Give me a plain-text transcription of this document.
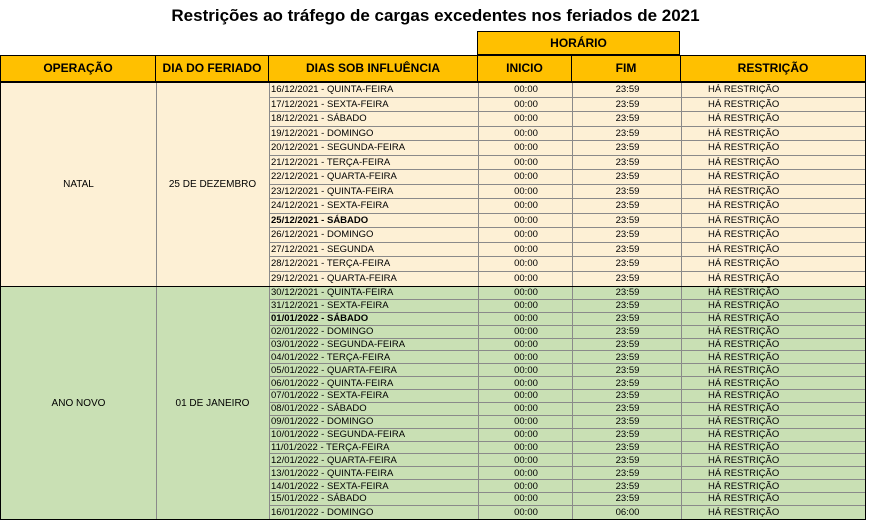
Restrições ao tráfego de cargas excedentes nos feriados de 2021
HORÁRIO
OPERAÇÃO	DIA DO FERIADO	DIAS SOB INFLUÊNCIA	INICIO	FIM	RESTRIÇÃO
NATAL	25 DE DEZEMBRO
16/12/2021 - QUINTA-FEIRA	00:00	23:59	HÁ RESTRIÇÃO
17/12/2021 - SEXTA-FEIRA	00:00	23:59	HÁ RESTRIÇÃO
18/12/2021 - SÁBADO	00:00	23:59	HÁ RESTRIÇÃO
19/12/2021 - DOMINGO	00:00	23:59	HÁ RESTRIÇÃO
20/12/2021 - SEGUNDA-FEIRA	00:00	23:59	HÁ RESTRIÇÃO
21/12/2021 - TERÇA-FEIRA	00:00	23:59	HÁ RESTRIÇÃO
22/12/2021 - QUARTA-FEIRA	00:00	23:59	HÁ RESTRIÇÃO
23/12/2021 - QUINTA-FEIRA	00:00	23:59	HÁ RESTRIÇÃO
24/12/2021 - SEXTA-FEIRA	00:00	23:59	HÁ RESTRIÇÃO
25/12/2021 - SÁBADO	00:00	23:59	HÁ RESTRIÇÃO
26/12/2021 - DOMINGO	00:00	23:59	HÁ RESTRIÇÃO
27/12/2021 - SEGUNDA	00:00	23:59	HÁ RESTRIÇÃO
28/12/2021 - TERÇA-FEIRA	00:00	23:59	HÁ RESTRIÇÃO
29/12/2021 - QUARTA-FEIRA	00:00	23:59	HÁ RESTRIÇÃO
ANO NOVO	01 DE JANEIRO
30/12/2021 - QUINTA-FEIRA	00:00	23:59	HÁ RESTRIÇÃO
31/12/2021 - SEXTA-FEIRA	00:00	23:59	HÁ RESTRIÇÃO
01/01/2022 - SÁBADO	00:00	23:59	HÁ RESTRIÇÃO
02/01/2022 - DOMINGO	00:00	23:59	HÁ RESTRIÇÃO
03/01/2022 - SEGUNDA-FEIRA	00:00	23:59	HÁ RESTRIÇÃO
04/01/2022 - TERÇA-FEIRA	00:00	23:59	HÁ RESTRIÇÃO
05/01/2022 - QUARTA-FEIRA	00:00	23:59	HÁ RESTRIÇÃO
06/01/2022 - QUINTA-FEIRA	00:00	23:59	HÁ RESTRIÇÃO
07/01/2022 - SEXTA-FEIRA	00:00	23:59	HÁ RESTRIÇÃO
08/01/2022 - SÁBADO	00:00	23:59	HÁ RESTRIÇÃO
09/01/2022 - DOMINGO	00:00	23:59	HÁ RESTRIÇÃO
10/01/2022 - SEGUNDA-FEIRA	00:00	23:59	HÁ RESTRIÇÃO
11/01/2022 - TERÇA-FEIRA	00:00	23:59	HÁ RESTRIÇÃO
12/01/2022 - QUARTA-FEIRA	00:00	23:59	HÁ RESTRIÇÃO
13/01/2022 - QUINTA-FEIRA	00:00	23:59	HÁ RESTRIÇÃO
14/01/2022 - SEXTA-FEIRA	00:00	23:59	HÁ RESTRIÇÃO
15/01/2022 - SÁBADO	00:00	23:59	HÁ RESTRIÇÃO
16/01/2022 - DOMINGO	00:00	06:00	HÁ RESTRIÇÃO
